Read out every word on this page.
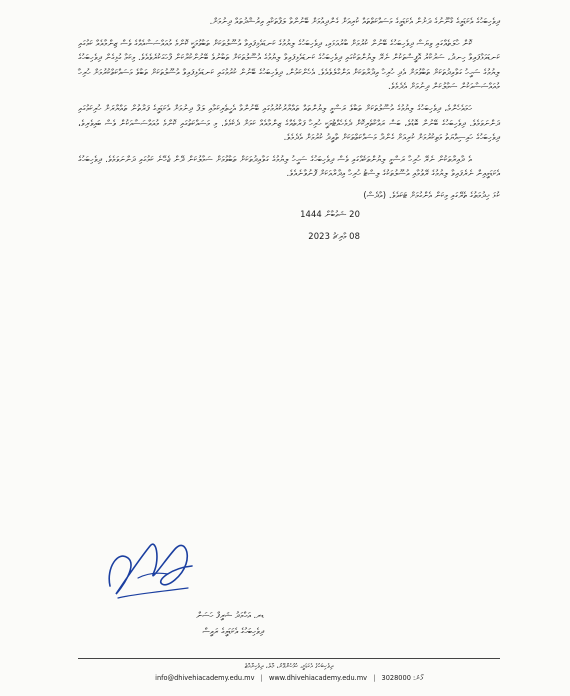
ދިވެހިބަހުގެ އެކަޑަމީގެ ޤާނޫނުގެ ދަށުން އެކަޑަމީގެ މަސައްކަތްތައް ކުރިއަށް ގެންދިއުމަށް ބޭނުންވާ ލަފާތަކާއި އިރުޝާދުތައް ދިނުމަށް.

ކޮން ހާލަތެއްގައި ވިޔަސް ދިވެހިބަހުގެ ބޭނުން ކުރުމަށް ބާރުއަޅައި، ދިވެހިބަހުގެ ލިޔުމުގެ ކަނޑައެޅިފައިވާ އުސޫލުތަކަށް ތަބާވުމަކީ ކޮންމެ މުއައްސަސާއެއްގެ ވެސް ޒިންމާއެއް ކަމުގައި ކަނޑައަޅާފައިވާ ހިނދު، ސަރުކާރު އޮފީސްތަކުން ނެރޭ ލިޔުންތަކުގައި ދިވެހިބަހުގެ ކަނޑައެޅިފައިވާ ލިޔުމުގެ އުސޫލުތަކަށް ތަބާނުވެ ބޭނުންކުރާކަން ފާހަގަކުރެވެއެވެ. މިކަމާ ގުޅިގެން ދިވެހިބަހުގެ ލިޔުމުގެ ސަހީހު ގަވާއިދުތަކަށް ތަބާވުމަށް އެދި ހުރިހާ އިދާރާތަކަށް އަންގާލެވެއެވެ. އެހެންކަމުން، ދިވެހިބަހުގެ ބޭނުން ކުރުމުގައި ކަނޑައެޅިފައިވާ އުސޫލުތަކަށް ތަބާވެ މަސައްކަތްކުރުމަށް ހުރިހާ މުއައްސަސާއަކުން ސަމާލުކަން ދިނުމަށް އެދެމެވެ.

ހަމައެހެންމެ، ދިވެހިބަހުގެ ލިޔުމުގެ އުސޫލުތަކަށް ތަބާވެ ރަސްމީ ލިޔުންތައް ތައްޔާރުކުރުމުގައި ބޭނުންވާ އެހީތެރިކަމާއި ލަފާ ދިނުމަށް އެކަޑަމީގެ ފަރާތުން ތައްޔާރަށް ހުރިކަމުގައި ދަންނަވަމެވެ. ދިވެހިބަހުގެ ބޭނުން ބޮޑުވެ، ބަސް ރައްކާތެރިކޮށް ދެމެހެއްޓުމަކީ ހުރިހާ ފަރާތެއްގެ ޒިންމާއެއް ކަމަށް ދެކެމެވެ. މި މަސައްކަތުގައި ކޮންމެ މުއައްސަސާއަކުން ވެސް ބައިވެރިވެ، ދިވެހިބަހުގެ ހައިސިއްޔަތު މަތިކުރުމަށް ކުރިއަށް ގެންދާ މަސައްކަތްތަކަށް ތާއީދު ކުރުމަށް އެދެމެވެ.

އެ ދާއިރާތަކުން ނެރޭ ހުރިހާ ރަސްމީ ލިޔުންތަކެއްގައި ވެސް ދިވެހިބަހުގެ ސަހީހު ލިޔުމުގެ ގަވާއިދުތަކަށް ތަބާވުމަށް ސަމާލުކަން ދޭން ޖެހޭނެ ކަމުގައި ދަންނަވަމެވެ. ދިވެހިބަހުގެ އެކަޑަމީއިން ނެރެފައިވާ ލިޔުމުގެ ރޭވުމާއި އުސޫލުތަކުގެ ލިސްޓު ހުރިހާ އިދާރާއަކަށް ފޮނުވާނެއެވެ.

ކުޅަ ޚިދުމަތުގެ ތެރޭގައި މިކަން އެންގުމަށް ޓަކައެވެ. (އާދެސް)
20 ޝަޢުބާން 1444
08 މާރިޗު 2023
ޑރ. އަޙްމަދު ޝަރީފް ހަސަން
ދިވެހިބަހުގެ އެކަޑަމީގެ ރައީސް
ދިވެހިބަހުގެ އެކަޑަމީ، ހުޅުހެންވޭރު، މާލެ، ދިވެހިރާއްޖެ
ފޯނު: 3028000 | info@dhivehiacademy.edu.mv | www.dhivehiacademy.edu.mv
